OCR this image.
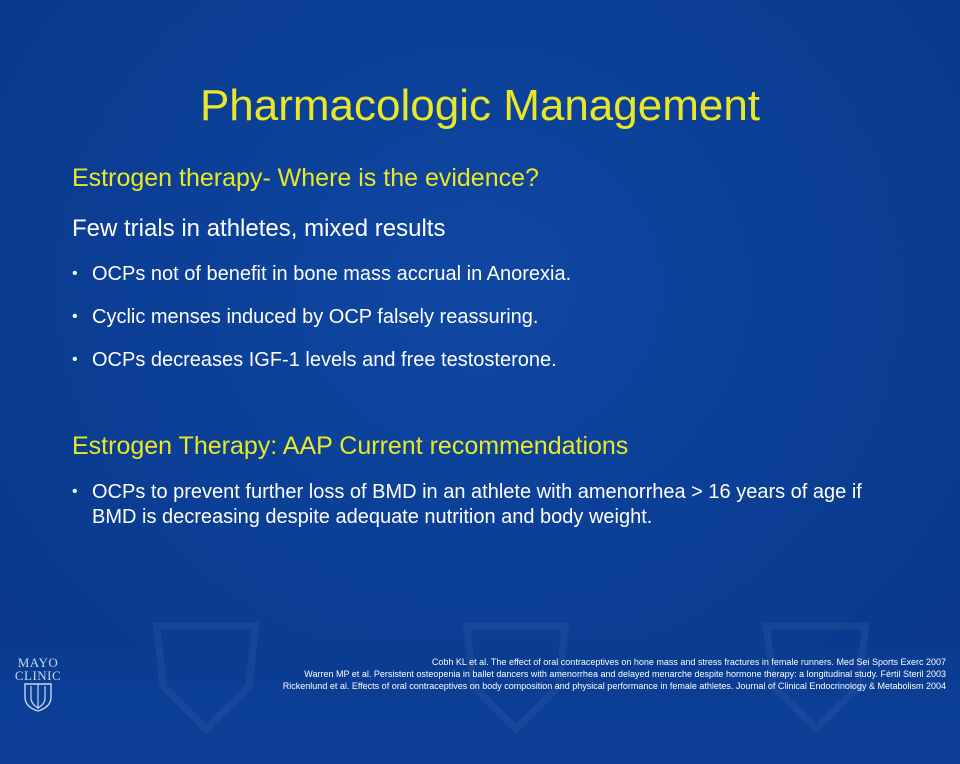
Pharmacologic Management
Estrogen therapy- Where is the evidence?
Few trials in athletes, mixed results
• OCPs not of benefit in bone mass accrual in Anorexia.
• Cyclic menses induced by OCP falsely reassuring.
• OCPs decreases IGF-1 levels and free testosterone.
Estrogen Therapy: AAP Current recommendations
• OCPs to prevent further loss of BMD in an athlete with amenorrhea > 16 years of age if BMD is decreasing despite adequate nutrition and body weight.
⛉ ⛉ ⛉
MAYO
CLINIC
Cobh KL et al. The effect of oral contraceptives on hone mass and stress fractures in female runners. Med Sei Sports Exerc 2007
Warren MP et al. Persistent osteopenia in ballet dancers with amenorrhea and delayed menarche despite hormone therapy: a longitudinal study. Fértil Steril 2003
Rickenlund et al. Effects of oral contraceptives on body composition and physical performance in female athletes. Journal of Clinical Endocrinology & Metabolism 2004
